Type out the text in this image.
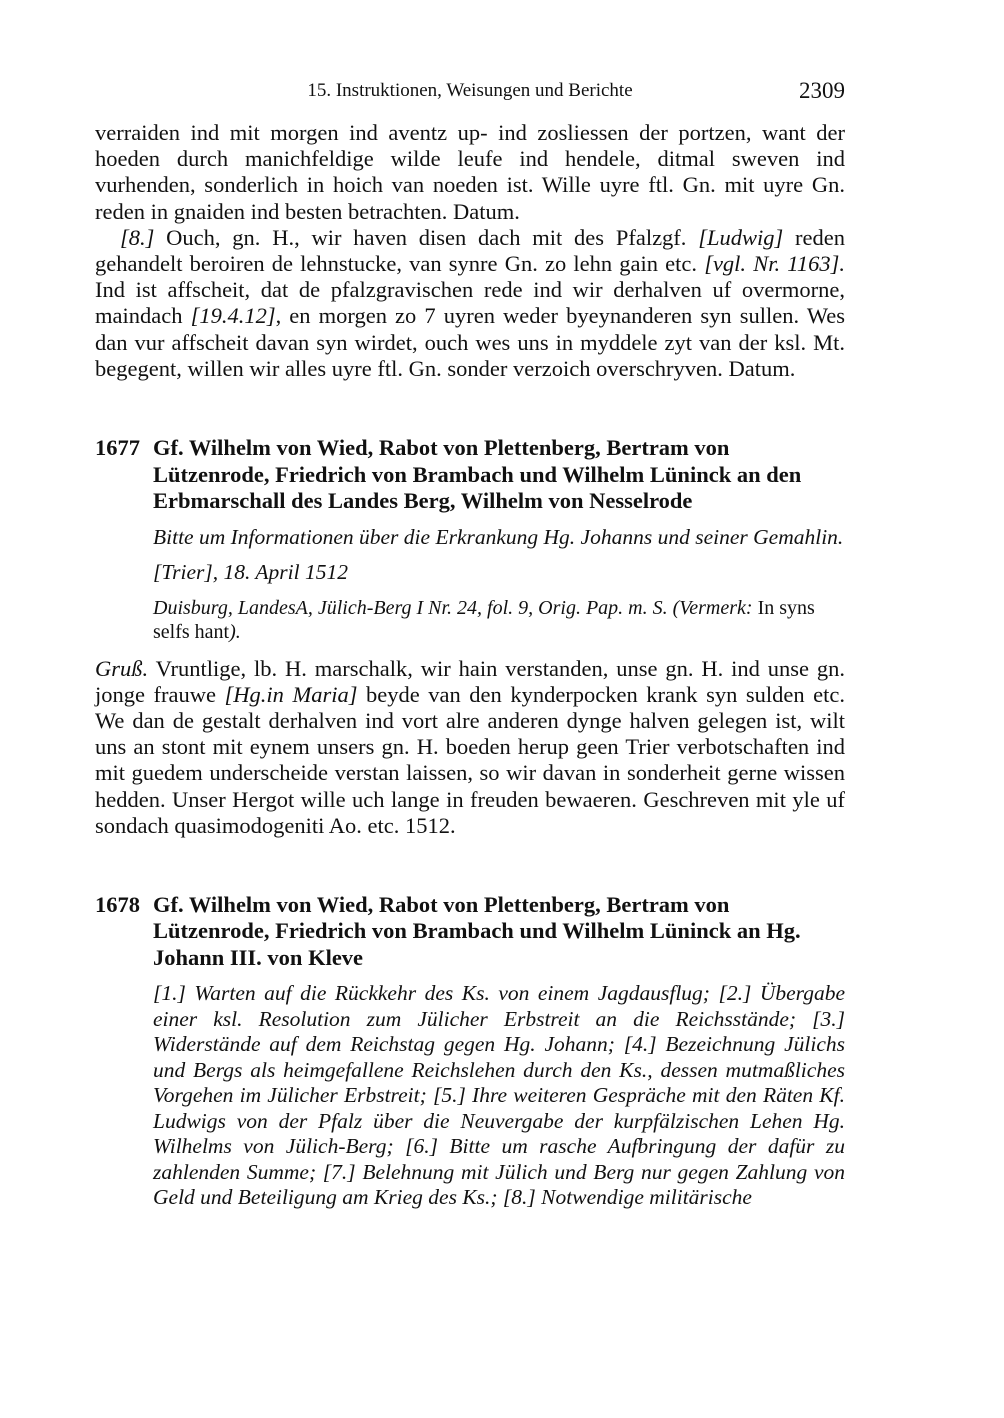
15. Instruktionen, Weisungen und Berichte	2309

verraiden ind mit morgen ind aventz up- ind zosliessen der portzen, want der hoeden durch manichfeldige wilde leufe ind hendele, ditmal sweven ind vurhenden, sonderlich in hoich van noeden ist. Wille uyre ftl. Gn. mit uyre Gn. reden in gnaiden ind besten betrachten. Datum.

[8.] Ouch, gn. H., wir haven disen dach mit des Pfalzgf. [Ludwig] reden gehandelt beroiren de lehnstucke, van synre Gn. zo lehn gain etc. [vgl. Nr. 1163]. Ind ist affscheit, dat de pfalzgravischen rede ind wir derhalven uf overmorne, maindach [19.4.12], en morgen zo 7 uyren weder byeynanderen syn sullen. Wes dan vur affscheit davan syn wirdet, ouch wes uns in myddele zyt van der ksl. Mt. begegent, willen wir alles uyre ftl. Gn. sonder verzoich overschryven. Datum.

1677 Gf. Wilhelm von Wied, Rabot von Plettenberg, Bertram von Lützenrode, Friedrich von Brambach und Wilhelm Lüninck an den Erbmarschall des Landes Berg, Wilhelm von Nesselrode
Bitte um Informationen über die Erkrankung Hg. Johanns und seiner Gemahlin.
[Trier], 18. April 1512
Duisburg, LandesA, Jülich-Berg I Nr. 24, fol. 9, Orig. Pap. m. S. (Vermerk: In syns selfs hant).
Gruß. Vruntlige, lb. H. marschalk, wir hain verstanden, unse gn. H. ind unse gn. jonge frauwe [Hg.in Maria] beyde van den kynderpocken krank syn sulden etc. We dan de gestalt derhalven ind vort alre anderen dynge halven gelegen ist, wilt uns an stont mit eynem unsers gn. H. boeden herup geen Trier verbotschaften ind mit guedem underscheide verstan laissen, so wir davan in sonderheit gerne wissen hedden. Unser Hergot wille uch lange in freuden bewaeren. Geschreven mit yle uf sondach quasimodogeniti Ao. etc. 1512.
1678 Gf. Wilhelm von Wied, Rabot von Plettenberg, Bertram von Lützenrode, Friedrich von Brambach und Wilhelm Lüninck an Hg. Johann III. von Kleve
[1.] Warten auf die Rückkehr des Ks. von einem Jagdausflug; [2.] Übergabe einer ksl. Resolution zum Jülicher Erbstreit an die Reichsstände; [3.] Widerstände auf dem Reichstag gegen Hg. Johann; [4.] Bezeichnung Jülichs und Bergs als heimgefallene Reichslehen durch den Ks., dessen mutmaßliches Vorgehen im Jülicher Erbstreit; [5.] Ihre weiteren Gespräche mit den Räten Kf. Ludwigs von der Pfalz über die Neuvergabe der kurpfälzischen Lehen Hg. Wilhelms von Jülich-Berg; [6.] Bitte um rasche Aufbringung der dafür zu zahlenden Summe; [7.] Belehnung mit Jülich und Berg nur gegen Zahlung von Geld und Beteiligung am Krieg des Ks.; [8.] Notwendige militärische
